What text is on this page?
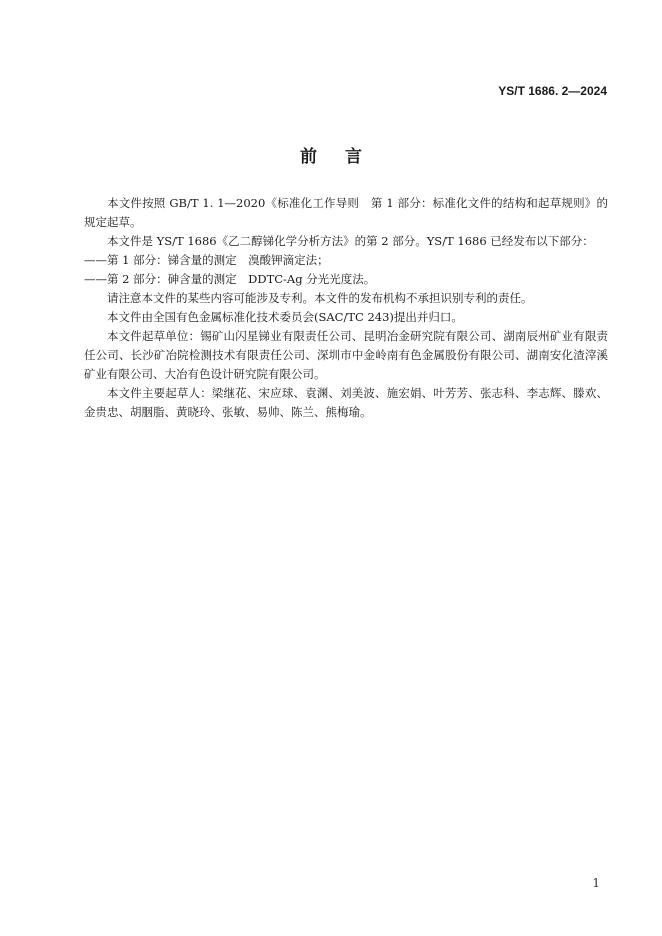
YS/T 1686. 2—2024
前言

本文件按照 GB/T 1. 1—2020《标准化工作导则　第 1 部分：标准化文件的结构和起草规则》的规定起草。

本文件是 YS/T 1686《乙二醇锑化学分析方法》的第 2 部分。YS/T 1686 已经发布以下部分：

——第 1 部分：锑含量的测定　溴酸钾滴定法；

——第 2 部分：砷含量的测定　DDTC-Ag 分光光度法。

请注意本文件的某些内容可能涉及专利。本文件的发布机构不承担识别专利的责任。

本文件由全国有色金属标准化技术委员会(SAC/TC 243)提出并归口。

本文件起草单位：锡矿山闪星锑业有限责任公司、昆明冶金研究院有限公司、湖南辰州矿业有限责任公司、长沙矿冶院检测技术有限责任公司、深圳市中金岭南有色金属股份有限公司、湖南安化渣滓溪矿业有限公司、大冶有色设计研究院有限公司。

本文件主要起草人：梁继花、宋应球、袁渊、刘美波、施宏娟、叶芳芳、张志科、李志辉、滕欢、金贵忠、胡胭脂、黄晓玲、张敏、易帅、陈兰、熊梅瑜。

1
